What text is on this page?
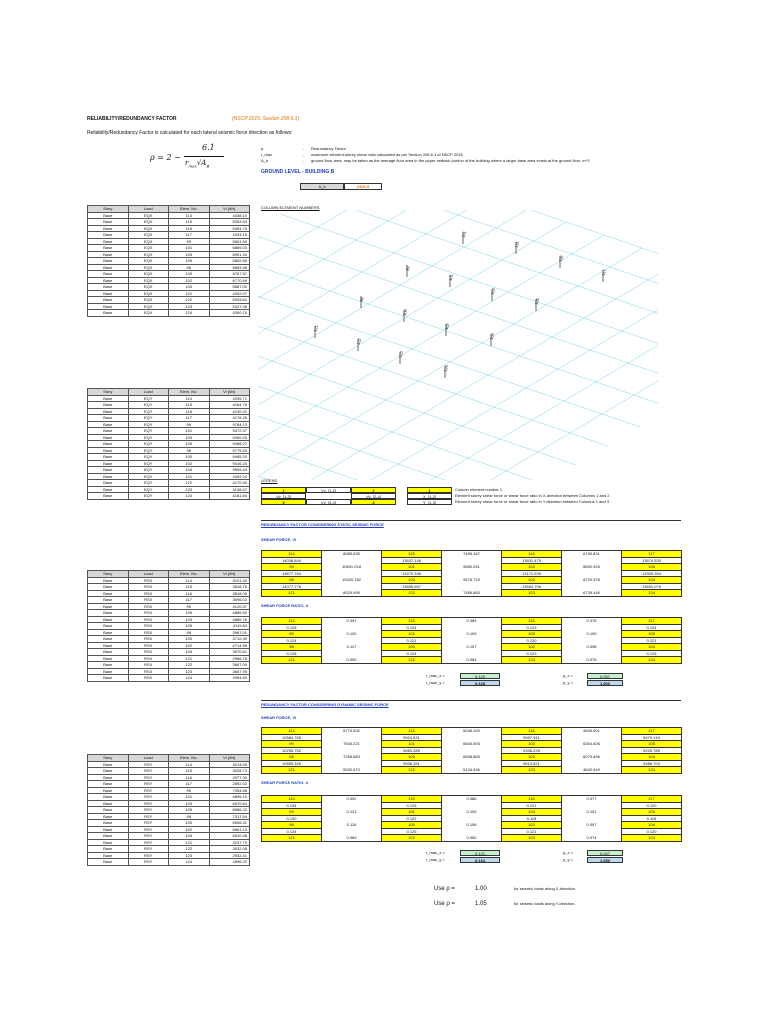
RELIABILITY/REDUNDANCY FACTOR	(NSCP 2015, Section 208.6.1)
Reliability/Redundancy Factor is calculated for each lateral seismic force direction as follows:
ρ = 2 −
6.1
$r_{max}√A_B$
ρ	- Redundancy Factor
r_max	- maximum element-storey shear ratio calculated as per Section 208.6.1 of NSCP 2015
A_b	- ground floor area, may be taken as the average floor area in the upper setback portion of the building where a larger base area exists at the ground floor, m^2
GROUND LEVEL - BUILDING B
A_b	2303.5
COLUMN ELEMENT NUMBERS
114
115
116
117
99
101
103
105
98
100
102
104
121
122
123
124
Story	Load	Elem. No.	Vi (kN)
Base	EQX	114	4338.10
Base	EQX	115	5353.63
Base	EQX	116	5354.75
Base	EQX	117	4333.15
Base	EQX	99	5801.69
Base	EQX	101	6869.03
Base	EQX	103	6901.34
Base	EQX	105	5802.85
Base	EQX	98	5683.48
Base	EQX	100	6767.57
Base	EQX	102	6770.59
Base	EQX	104	5687.00
Base	EQX	121	4302.07
Base	EQX	122	5325.61
Base	EQX	123	5327.08
Base	EQX	124	4300.70
Story	Load	Elem. No.	Vi (kN)
Base	EQY	114	4295.71
Base	EQY	115	4164.76
Base	EQY	116	4130.22
Base	EQY	117	4176.26
Base	EQY	99	9764.13
Base	EQY	101	9472.37
Base	EQY	103	9400.25
Base	EQY	105	9498.27
Base	EQY	98	9775.53
Base	EQY	100	9485.20
Base	EQY	102	9416.23
Base	EQY	104	9509.44
Base	EQY	121	4302.24
Base	EQY	122	4170.40
Base	EQY	123	4138.47
Base	EQY	124	4181.64
Story	Load	Elem. No.	Vi (kN)
Base	RSX	114	3101.40
Base	RSX	115	3818.76
Base	RSX	116	3818.05
Base	RSX	117	3096.02
Base	RSX	99	4120.37
Base	RSX	105	4885.50
Base	RSX	103	4886.76
Base	RSX	105	4119.84
Base	RSX	98	3967.01
Base	RSX	100	4712.39
Base	RSX	102	4714.59
Base	RSX	104	3970.61
Base	RSX	121	2966.78
Base	RSX	122	3667.09
Base	RSX	123	3667.95
Base	RSX	124	2964.83
Story	Load	Elem. No.	Vi (kN)
Base	RSY	114	3214.09
Base	RSY	115	3028.73
Base	RSY	116	2977.30
Base	RSY	117	2892.02
Base	RSY	99	7354.68
Base	RSY	101	6896.10
Base	RSY	103	6570.64
Base	RSY	105	6586.22
Base	RSY	98	7317.54
Base	RSY	100	6908.31
Base	RSY	102	6681.13
Base	RSY	104	6510.48
Base	RSY	121	3237.79
Base	RSY	122	3032.08
Base	RSY	123	2932.41
Base	RSY	124	2896.22
LEGEND
Vx_[1-2]
1	2
Vy_[1-3]	Vy_[2-4]
3	Vx_[3-4]	4
1	Column element number 1
X_[1-2]	Element storey shear force or shear force ratio in X-direction between Columns 1 and 2
Y_[1-3]	Element storey shear force or shear force ratio in Y-direction between Columns 1 and 3
REDUNDANCY FACTOR CONSIDERING STATIC SEISMIC FORCE
SHEAR FORCE, Vi
114	8085.635	115	7495.167	116	6790.831	117
14038.844		13637.146		13831.475		13674.533
99	10631.018	101	9660.261	103	8892.926	105
13677.764		13270.336		13171.539		13305.394
98	10420.782	100	9476.715	102	8720.978	104
14077.776		13655.557		13554.706		13691.075
121	8029.995	122	7456.883	123	6739.446	124
SHEAR FORCE RATIO, ri
114	0.091	115	0.084	116	0.076	117
0.128		0.124		0.123		0.124
99	0.120	101	0.109	103	0.100	105
0.124		0.121		0.120		0.121
98	0.117	100	0.107	102	0.098	104
0.128		0.124		0.123		0.125
121	0.090	122	0.084	123	0.076	124
r_max_x =	0.120
r_max_y =	0.128
ρ_x =	0.937
ρ_y =	1.000
REDUNDANCY FACTOR CONSIDERING DYNAMIC SEISMIC FORCE
SHEAR FORCE, Vi
114	5774.532	115	5246.190	116	4840.901	117
10584.765		9924.831		9597.941		9479.149
99	7540.221	101	6840.593	103	6304.626	105
10295.752		9660.285		9346.228		9225.788
98	7265.683	100	6598.865	102	6079.496	104
10595.326		9936.251		9613.521		9486.703
121	5532.670	122	5134.496	123	4642.949	124
SHEAR FORCE RATIO, ri
114	0.092	115	0.086	116	0.077	117
0.134		0.125		0.121		0.120
99	0.121	101	0.109	103	0.101	105
0.130		0.122		0.118		0.116
98	0.116	100	0.106	102	0.097	104
0.134		0.125		0.121		0.120
121	0.089	122	0.082	123	0.074	124
r_max_x =	0.121
r_max_y =	0.134
ρ_x =	0.947
ρ_y =	1.050
Use ρ =	1.00	for seismic loads along X-direction.
Use ρ =	1.05	for seismic loads along Y-direction.
